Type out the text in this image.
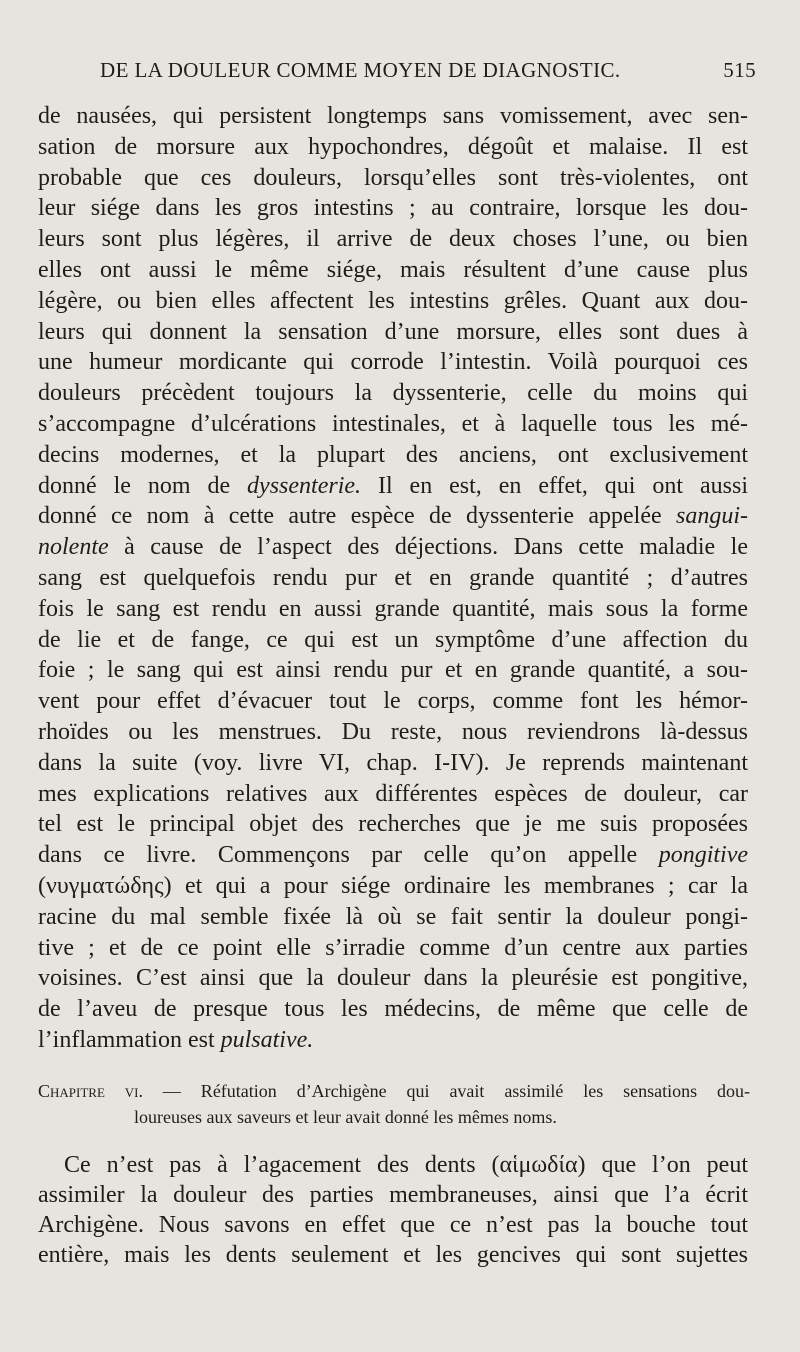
DE LA DOULEUR COMME MOYEN DE DIAGNOSTIC.	515
de nausées, qui persistent longtemps sans vomissement, avec sen-
sation de morsure aux hypochondres, dégoût et malaise. Il est
probable que ces douleurs, lorsqu’elles sont très-violentes, ont
leur siége dans les gros intestins ; au contraire, lorsque les dou-
leurs sont plus légères, il arrive de deux choses l’une, ou bien
elles ont aussi le même siége, mais résultent d’une cause plus
légère, ou bien elles affectent les intestins grêles. Quant aux dou-
leurs qui donnent la sensation d’une morsure, elles sont dues à
une humeur mordicante qui corrode l’intestin. Voilà pourquoi ces
douleurs précèdent toujours la dyssenterie, celle du moins qui
s’accompagne d’ulcérations intestinales, et à laquelle tous les mé-
decins modernes, et la plupart des anciens, ont exclusivement
donné le nom de dyssenterie. Il en est, en effet, qui ont aussi
donné ce nom à cette autre espèce de dyssenterie appelée sangui-
nolente à cause de l’aspect des déjections. Dans cette maladie le
sang est quelquefois rendu pur et en grande quantité ; d’autres
fois le sang est rendu en aussi grande quantité, mais sous la forme
de lie et de fange, ce qui est un symptôme d’une affection du
foie ; le sang qui est ainsi rendu pur et en grande quantité, a sou-
vent pour effet d’évacuer tout le corps, comme font les hémor-
rhoïdes ou les menstrues. Du reste, nous reviendrons là-dessus
dans la suite (voy. livre VI, chap. I-IV). Je reprends maintenant
mes explications relatives aux différentes espèces de douleur, car
tel est le principal objet des recherches que je me suis proposées
dans ce livre. Commençons par celle qu’on appelle pongitive
(νυγματώδης) et qui a pour siége ordinaire les membranes ; car la
racine du mal semble fixée là où se fait sentir la douleur pongi-
tive ; et de ce point elle s’irradie comme d’un centre aux parties
voisines. C’est ainsi que la douleur dans la pleurésie est pongitive,
de l’aveu de presque tous les médecins, de même que celle de
l’inflammation est pulsative.
Chapitre vi. — Réfutation d’Archigène qui avait assimilé les sensations dou-
loureuses aux saveurs et leur avait donné les mêmes noms.
Ce n’est pas à l’agacement des dents (αἱμωδία) que l’on peut
assimiler la douleur des parties membraneuses, ainsi que l’a écrit
Archigène. Nous savons en effet que ce n’est pas la bouche tout
entière, mais les dents seulement et les gencives qui sont sujettes
